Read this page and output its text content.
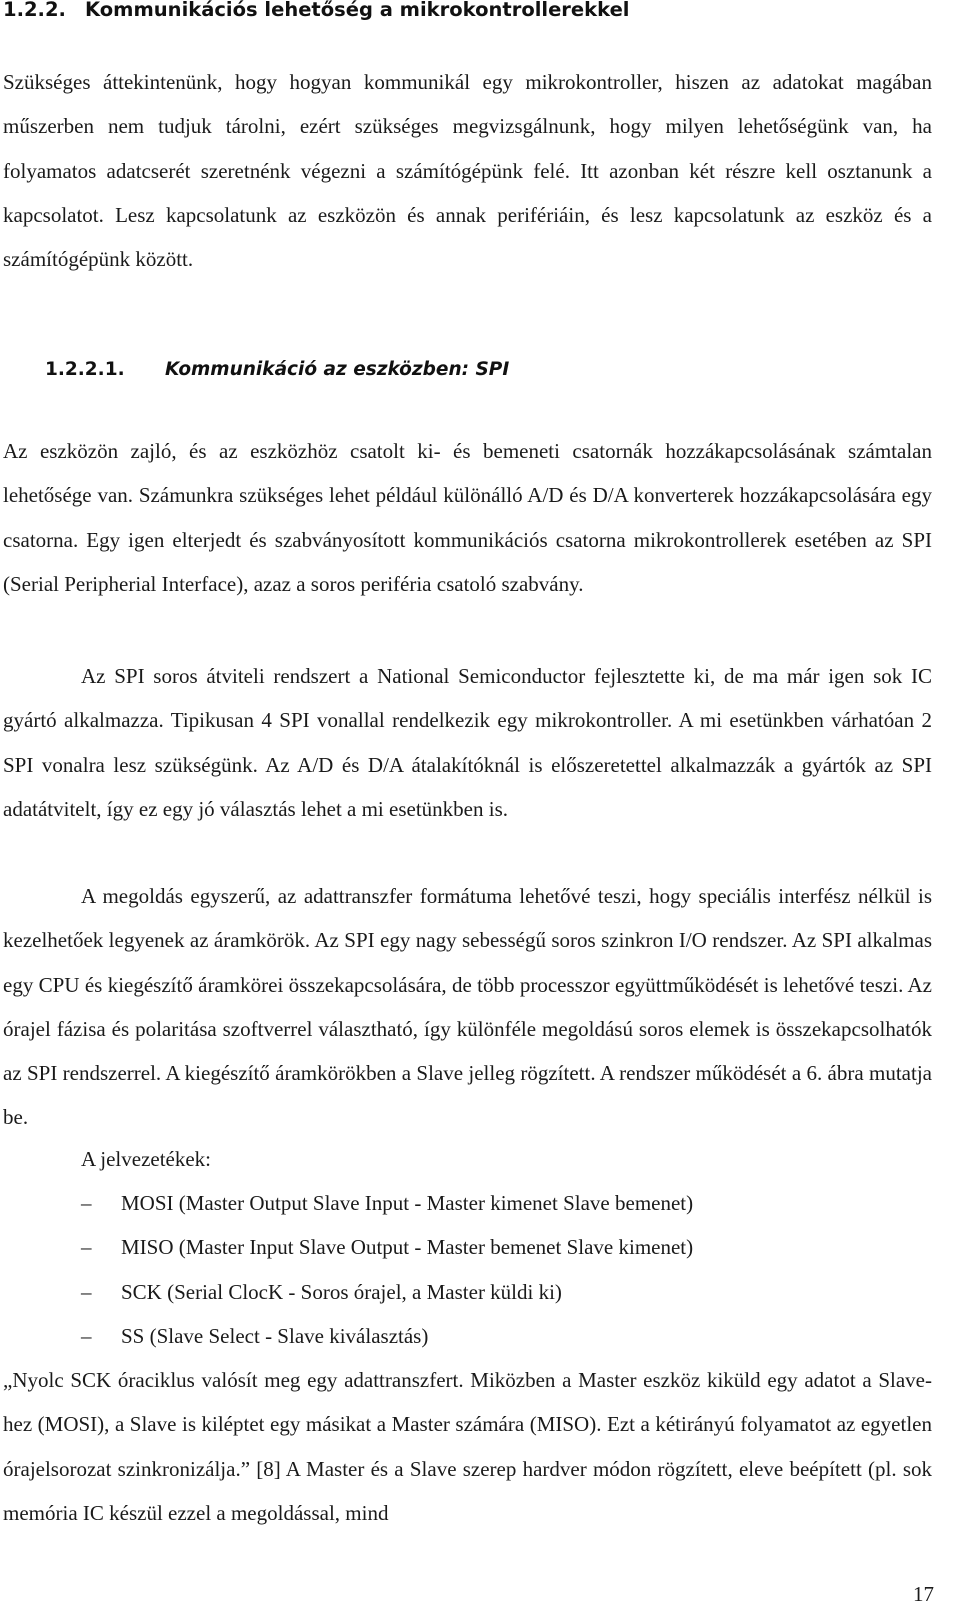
1.2.2. Kommunikációs lehetőség a mikrokontrollerekkel

Szükséges áttekintenünk, hogy hogyan kommunikál egy mikrokontroller, hiszen az adatokat magában műszerben nem tudjuk tárolni, ezért szükséges megvizsgálnunk, hogy milyen lehetőségünk van, ha folyamatos adatcserét szeretnénk végezni a számítógépünk felé. Itt azonban két részre kell osztanunk a kapcsolatot. Lesz kapcsolatunk az eszközön és annak perifériáin, és lesz kapcsolatunk az eszköz és a számítógépünk között.

1.2.2.1. Kommunikáció az eszközben: SPI

Az eszközön zajló, és az eszközhöz csatolt ki- és bemeneti csatornák hozzákapcsolásának számtalan lehetősége van. Számunkra szükséges lehet például különálló A/D és D/A konverterek hozzákapcsolására egy csatorna. Egy igen elterjedt és szabványosított kommunikációs csatorna mikrokontrollerek esetében az SPI (Serial Peripherial Interface), azaz a soros periféria csatoló szabvány.

Az SPI soros átviteli rendszert a National Semiconductor fejlesztette ki, de ma már igen sok IC gyártó alkalmazza. Tipikusan 4 SPI vonallal rendelkezik egy mikrokontroller. A mi esetünkben várhatóan 2 SPI vonalra lesz szükségünk. Az A/D és D/A átalakítóknál is előszeretettel alkalmazzák a gyártók az SPI adatátvitelt, így ez egy jó választás lehet a mi esetünkben is.

A megoldás egyszerű, az adattranszfer formátuma lehetővé teszi, hogy speciális interfész nélkül is kezelhetőek legyenek az áramkörök. Az SPI egy nagy sebességű soros szinkron I/O rendszer. Az SPI alkalmas egy CPU és kiegészítő áramkörei összekapcsolására, de több processzor együttműködését is lehetővé teszi. Az órajel fázisa és polaritása szoftverrel választható, így különféle megoldású soros elemek is összekapcsolhatók az SPI rendszerrel. A kiegészítő áramkörökben a Slave jelleg rögzített. A rendszer működését a 6. ábra mutatja be.

A jelvezetékek:

– MOSI (Master Output Slave Input - Master kimenet Slave bemenet)
– MISO (Master Input Slave Output - Master bemenet Slave kimenet)
– SCK (Serial ClocK - Soros órajel, a Master küldi ki)
– SS (Slave Select - Slave kiválasztás)

„Nyolc SCK óraciklus valósít meg egy adattranszfert. Miközben a Master eszköz kiküld egy adatot a Slave-hez (MOSI), a Slave is kiléptet egy másikat a Master számára (MISO). Ezt a kétirányú folyamatot az egyetlen órajelsorozat szinkronizálja.” [8] A Master és a Slave szerep hardver módon rögzített, eleve beépített (pl. sok memória IC készül ezzel a megoldással, mind

17
